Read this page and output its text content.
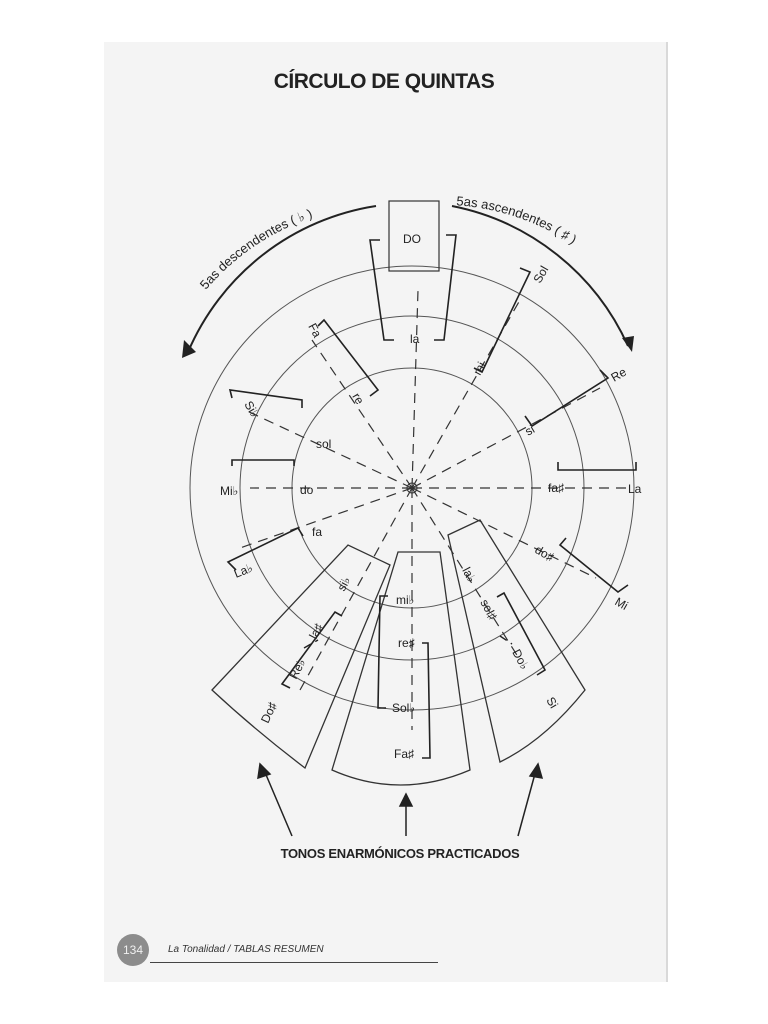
CÍRCULO DE QUINTAS
5as descendentes ( ♭ )
5as ascendentes ( ♯ )
DO
Sol
Re
La
Mi
Si
Fa♯
Do♭
Sol♭
Re♭
Do♯
La♭
Mi♭
Si♭
Fa	la
mi
si
fa♯
do♯
sol♯
la♭
re♯
mi♭
la♯
si♭
fa
do
sol
re
TONOS ENARMÓNICOS PRACTICADOS
134	La Tonalidad / TABLAS RESUMEN
